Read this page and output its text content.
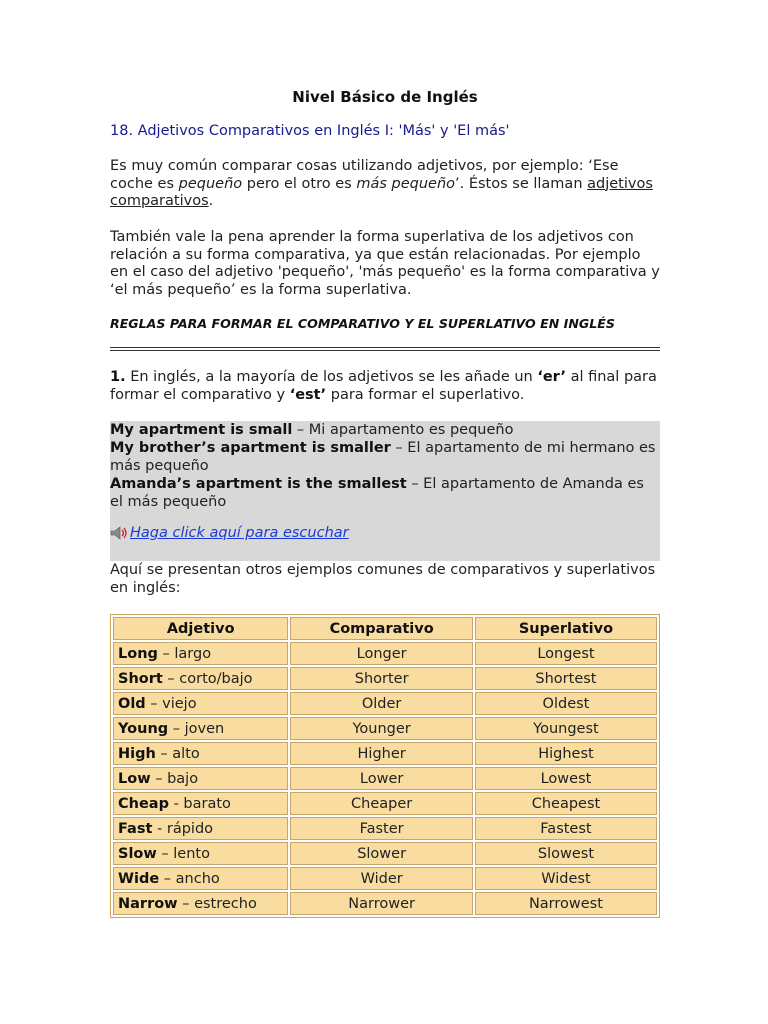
Nivel Básico de Inglés
18. Adjetivos Comparativos en Inglés I: 'Más' y 'El más'
Es muy común comparar cosas utilizando adjetivos, por ejemplo: ‘Ese coche es pequeño pero el otro es más pequeño’. Éstos se llaman adjetivos comparativos.
También vale la pena aprender la forma superlativa de los adjetivos con relación a su forma comparativa, ya que están relacionadas. Por ejemplo en el caso del adjetivo 'pequeño', 'más pequeño' es la forma comparativa y ‘el más pequeño’ es la forma superlativa.
REGLAS PARA FORMAR EL COMPARATIVO Y EL SUPERLATIVO EN INGLÉS
1. En inglés, a la mayoría de los adjetivos se les añade un ‘er’ al final para formar el comparativo y ‘est’ para formar el superlativo.
My apartment is small – Mi apartamento es pequeño
My brother’s apartment is smaller – El apartamento de mi hermano es más pequeño
Amanda’s apartment is the smallest – El apartamento de Amanda es el más pequeño
Haga click aquí para escuchar
Aquí se presentan otros ejemplos comunes de comparativos y superlativos en inglés:
Adjetivo	Comparativo	Superlativo
Long – largo	Longer	Longest
Short – corto/bajo	Shorter	Shortest
Old – viejo	Older	Oldest
Young – joven	Younger	Youngest
High – alto	Higher	Highest
Low – bajo	Lower	Lowest
Cheap - barato	Cheaper	Cheapest
Fast - rápido	Faster	Fastest
Slow – lento	Slower	Slowest
Wide – ancho	Wider	Widest
Narrow – estrecho	Narrower	Narrowest
